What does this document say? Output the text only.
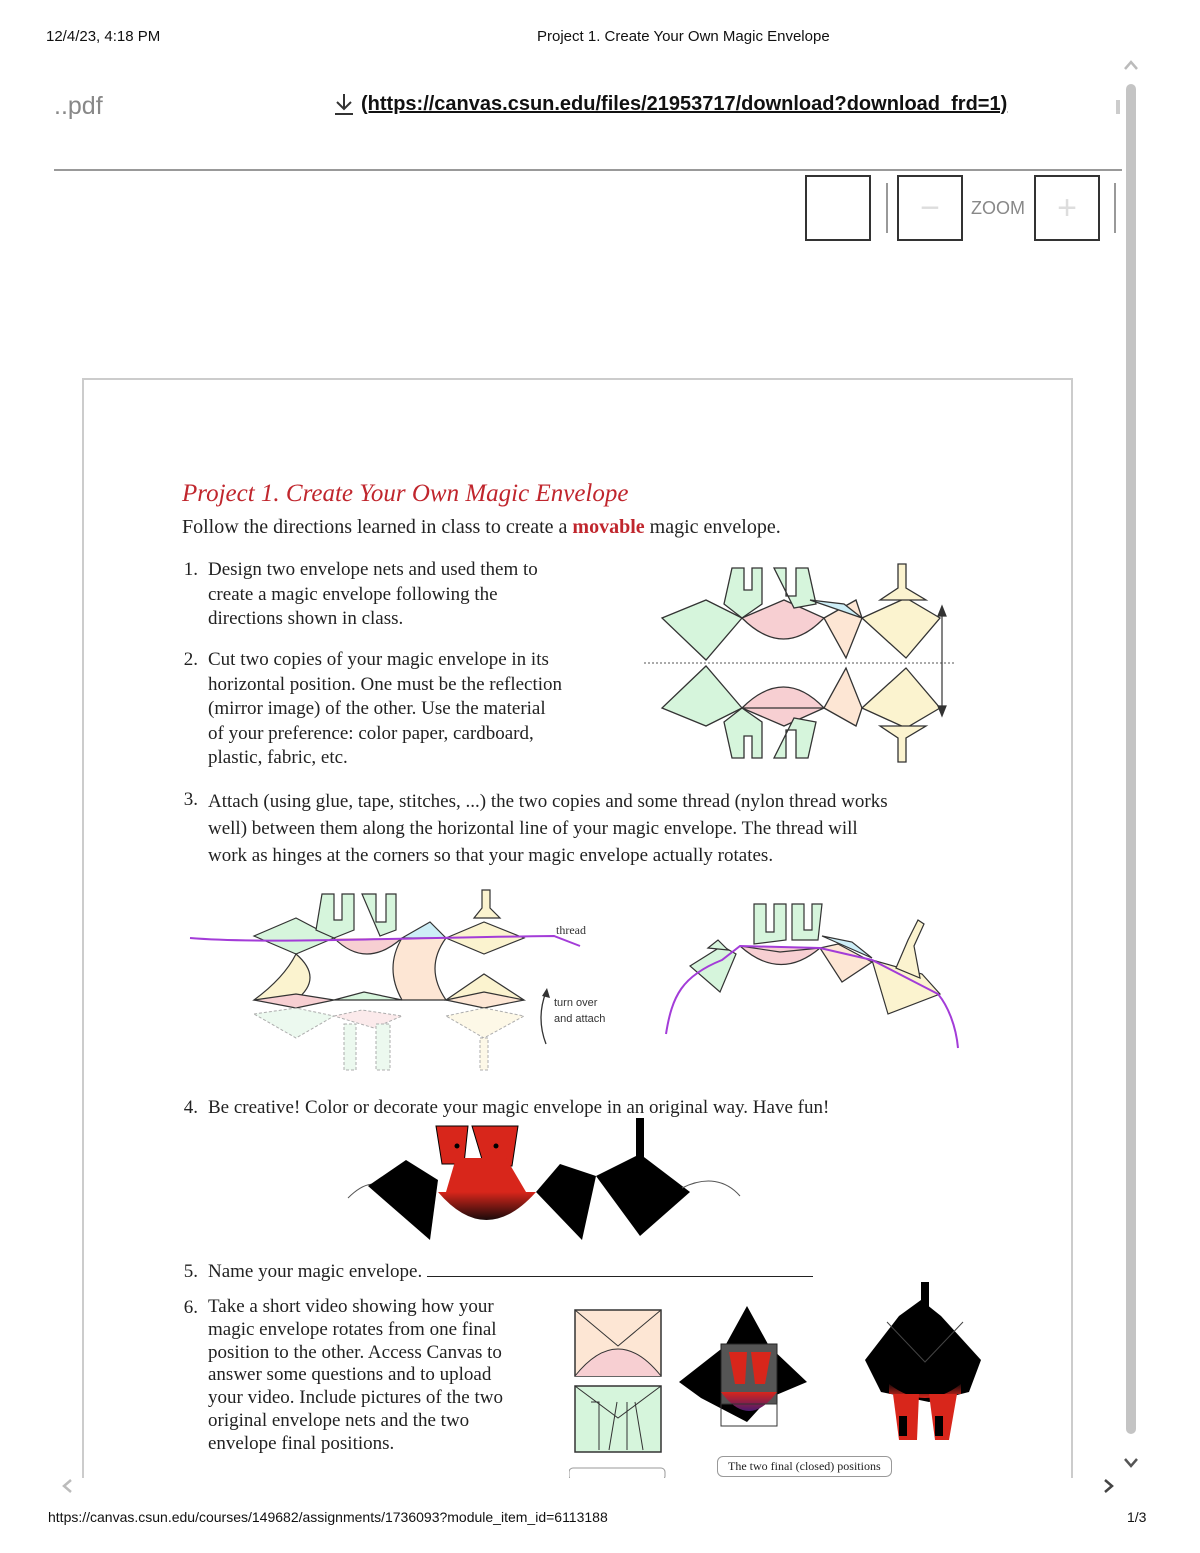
12/4/23, 4:18 PM	Project 1. Create Your Own Magic Envelope
..pdf	(https://canvas.csun.edu/files/21953717/download?download_frd=1)
−	ZOOM +
Project 1. Create Your Own Magic Envelope
Follow the directions learned in class to create a movable magic envelope.
1. Design two envelope nets and used them to
create a magic envelope following the
directions shown in class.
2. Cut two copies of your magic envelope in its
horizontal position. One must be the reflection
(mirror image) of the other. Use the material
of your preference: color paper, cardboard,
plastic, fabric, etc.
3. Attach (using glue, tape, stitches, ...) the two copies and some thread (nylon thread works
well) between them along the horizontal line of your magic envelope. The thread will
work as hinges at the corners so that your magic envelope actually rotates.
4. Be creative! Color or decorate your magic envelope in an original way. Have fun!
5. Name your magic envelope.
6. Take a short video showing how your
magic envelope rotates from one final
position to the other. Access Canvas to
answer some questions and to upload
your video. Include pictures of the two
original envelope nets and the two
envelope final positions.
thread
turn over
and attach
The two final (closed) positions
https://canvas.csun.edu/courses/149682/assignments/1736093?module_item_id=6113188	1/3
